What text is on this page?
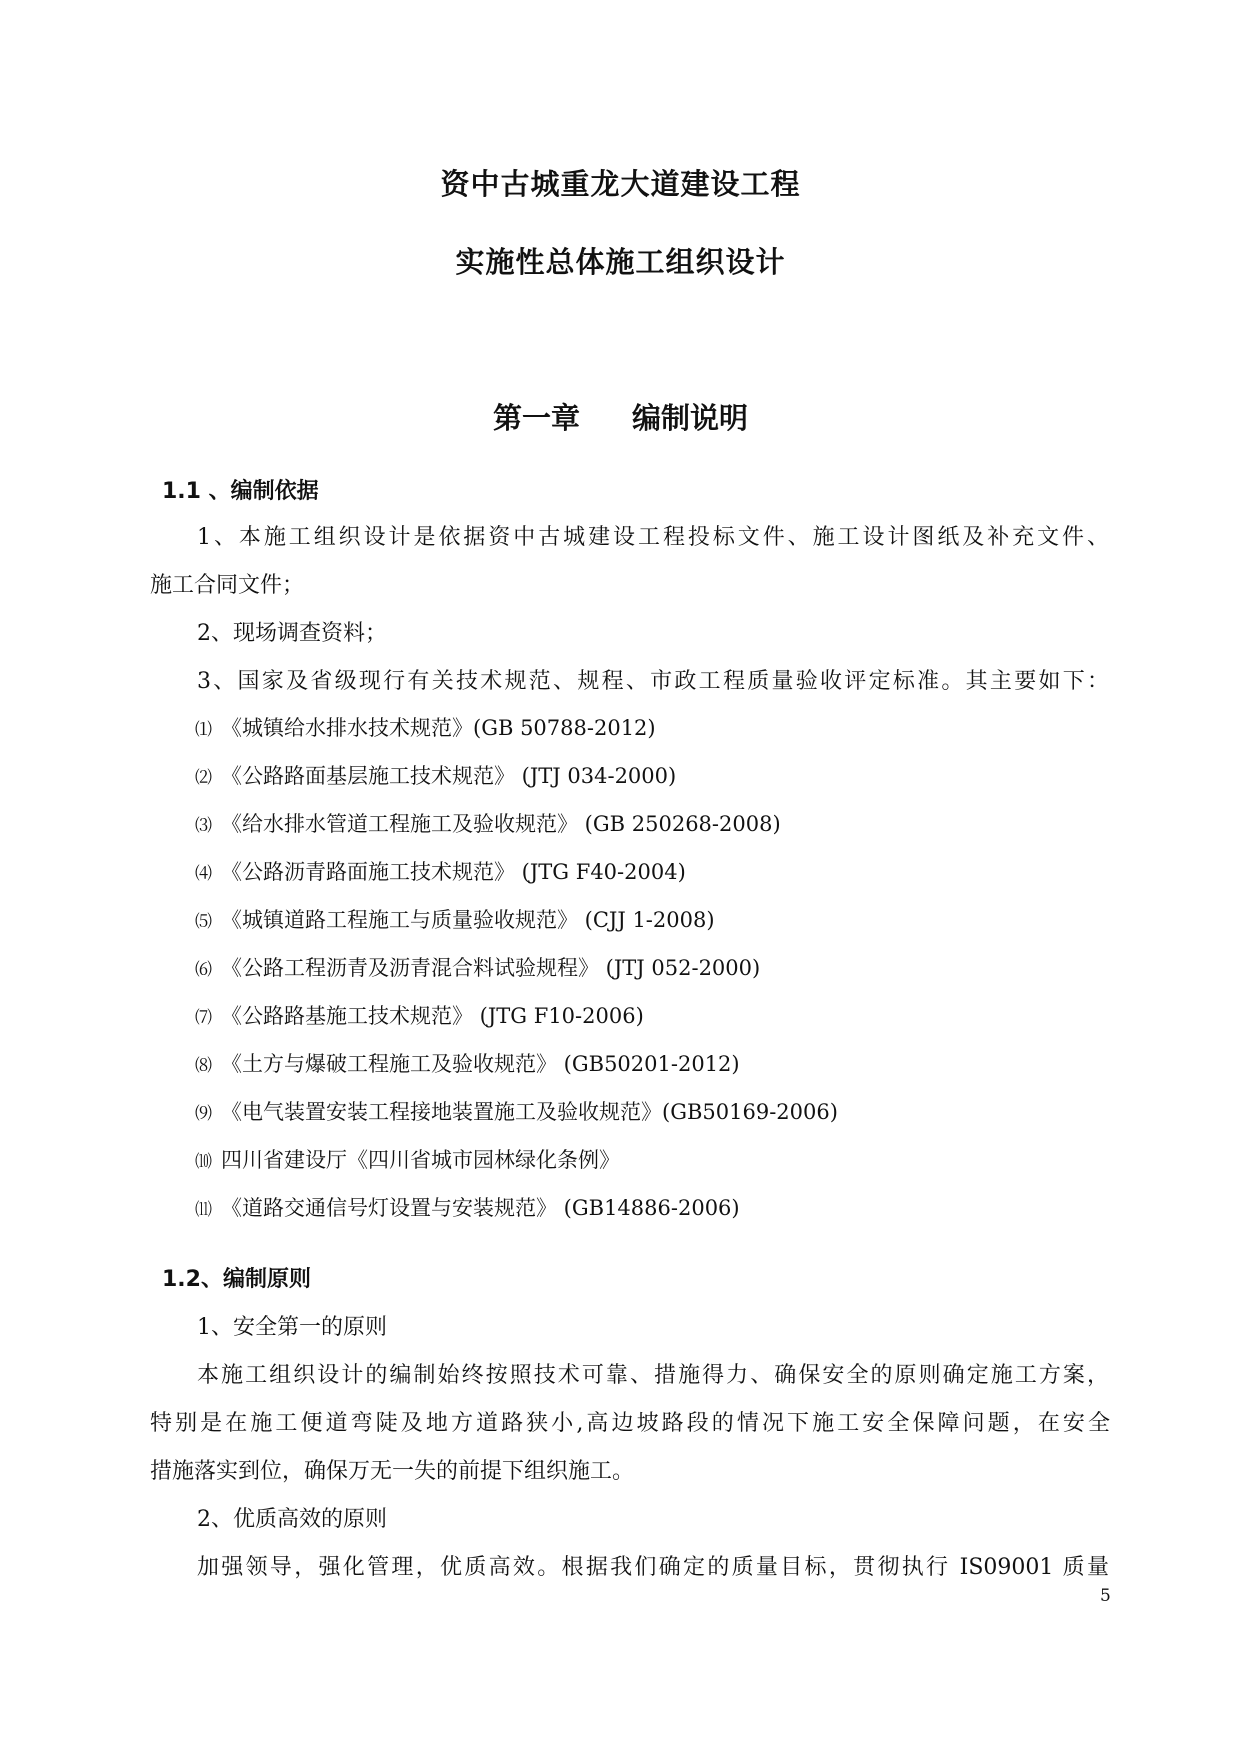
资中古城重龙大道建设工程
实施性总体施工组织设计
第一章 编制说明
1.1 、编制依据
1、本施工组织设计是依据资中古城建设工程投标文件、施工设计图纸及补充文件、
施工合同文件；
2、现场调查资料；
3、国家及省级现行有关技术规范、规程、市政工程质量验收评定标准。其主要如下：
⑴ 《城镇给水排水技术规范》(GB 50788-2012)
⑵ 《公路路面基层施工技术规范》 (JTJ 034-2000)
⑶ 《给水排水管道工程施工及验收规范》 (GB 250268-2008)
⑷ 《公路沥青路面施工技术规范》 (JTG F40-2004)
⑸ 《城镇道路工程施工与质量验收规范》 (CJJ 1-2008)
⑹ 《公路工程沥青及沥青混合料试验规程》 (JTJ 052-2000)
⑺ 《公路路基施工技术规范》 (JTG F10-2006)
⑻ 《土方与爆破工程施工及验收规范》 (GB50201-2012)
⑼ 《电气装置安装工程接地装置施工及验收规范》(GB50169-2006)
⑽ 四川省建设厅《四川省城市园林绿化条例》
⑾ 《道路交通信号灯设置与安装规范》 (GB14886-2006)
1.2、编制原则
1、安全第一的原则
本施工组织设计的编制始终按照技术可靠、措施得力、确保安全的原则确定施工方案，
特别是在施工便道弯陡及地方道路狭小,高边坡路段的情况下施工安全保障问题，在安全
措施落实到位，确保万无一失的前提下组织施工。
2、优质高效的原则
加强领导，强化管理，优质高效。根据我们确定的质量目标，贯彻执行 IS09001 质量
5
